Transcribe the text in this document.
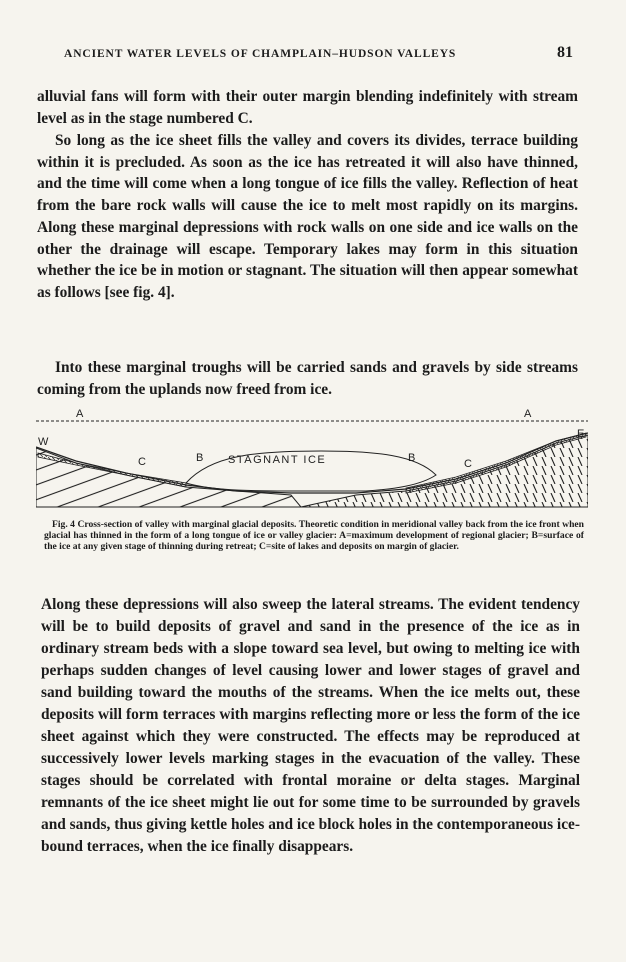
ANCIENT WATER LEVELS OF CHAMPLAIN–HUDSON VALLEYS	81

alluvial fans will form with their outer margin blending indefinitely with stream level as in the stage numbered C.

So long as the ice sheet fills the valley and covers its divides, terrace building within it is precluded. As soon as the ice has retreated it will also have thinned, and the time will come when a long tongue of ice fills the valley. Reflection of heat from the bare rock walls will cause the ice to melt most rapidly on its margins. Along these marginal depressions with rock walls on one side and ice walls on the other the drainage will escape. Temporary lakes may form in this situation whether the ice be in motion or stagnant. The situation will then appear somewhat as follows [see fig. 4].

Into these marginal troughs will be carried sands and gravels by side streams coming from the uplands now freed from ice.

A	A
W
E
C	B STAGNANT ICE	B	C

Fig. 4 Cross-section of valley with marginal glacial deposits. Theoretic condition in meridional valley back from the ice front when glacial has thinned in the form of a long tongue of ice or valley glacier: A=maximum development of regional glacier; B=surface of the ice at any given stage of thinning during retreat; C=site of lakes and deposits on margin of glacier.

Along these depressions will also sweep the lateral streams. The evident tendency will be to build deposits of gravel and sand in the presence of the ice as in ordinary stream beds with a slope toward sea level, but owing to melting ice with perhaps sudden changes of level causing lower and lower stages of gravel and sand building toward the mouths of the streams. When the ice melts out, these deposits will form terraces with margins reflecting more or less the form of the ice sheet against which they were constructed. The effects may be reproduced at successively lower levels marking stages in the evacuation of the valley. These stages should be correlated with frontal moraine or delta stages. Marginal remnants of the ice sheet might lie out for some time to be surrounded by gravels and sands, thus giving kettle holes and ice block holes in the contemporaneous ice-bound terraces, when the ice finally disappears.
